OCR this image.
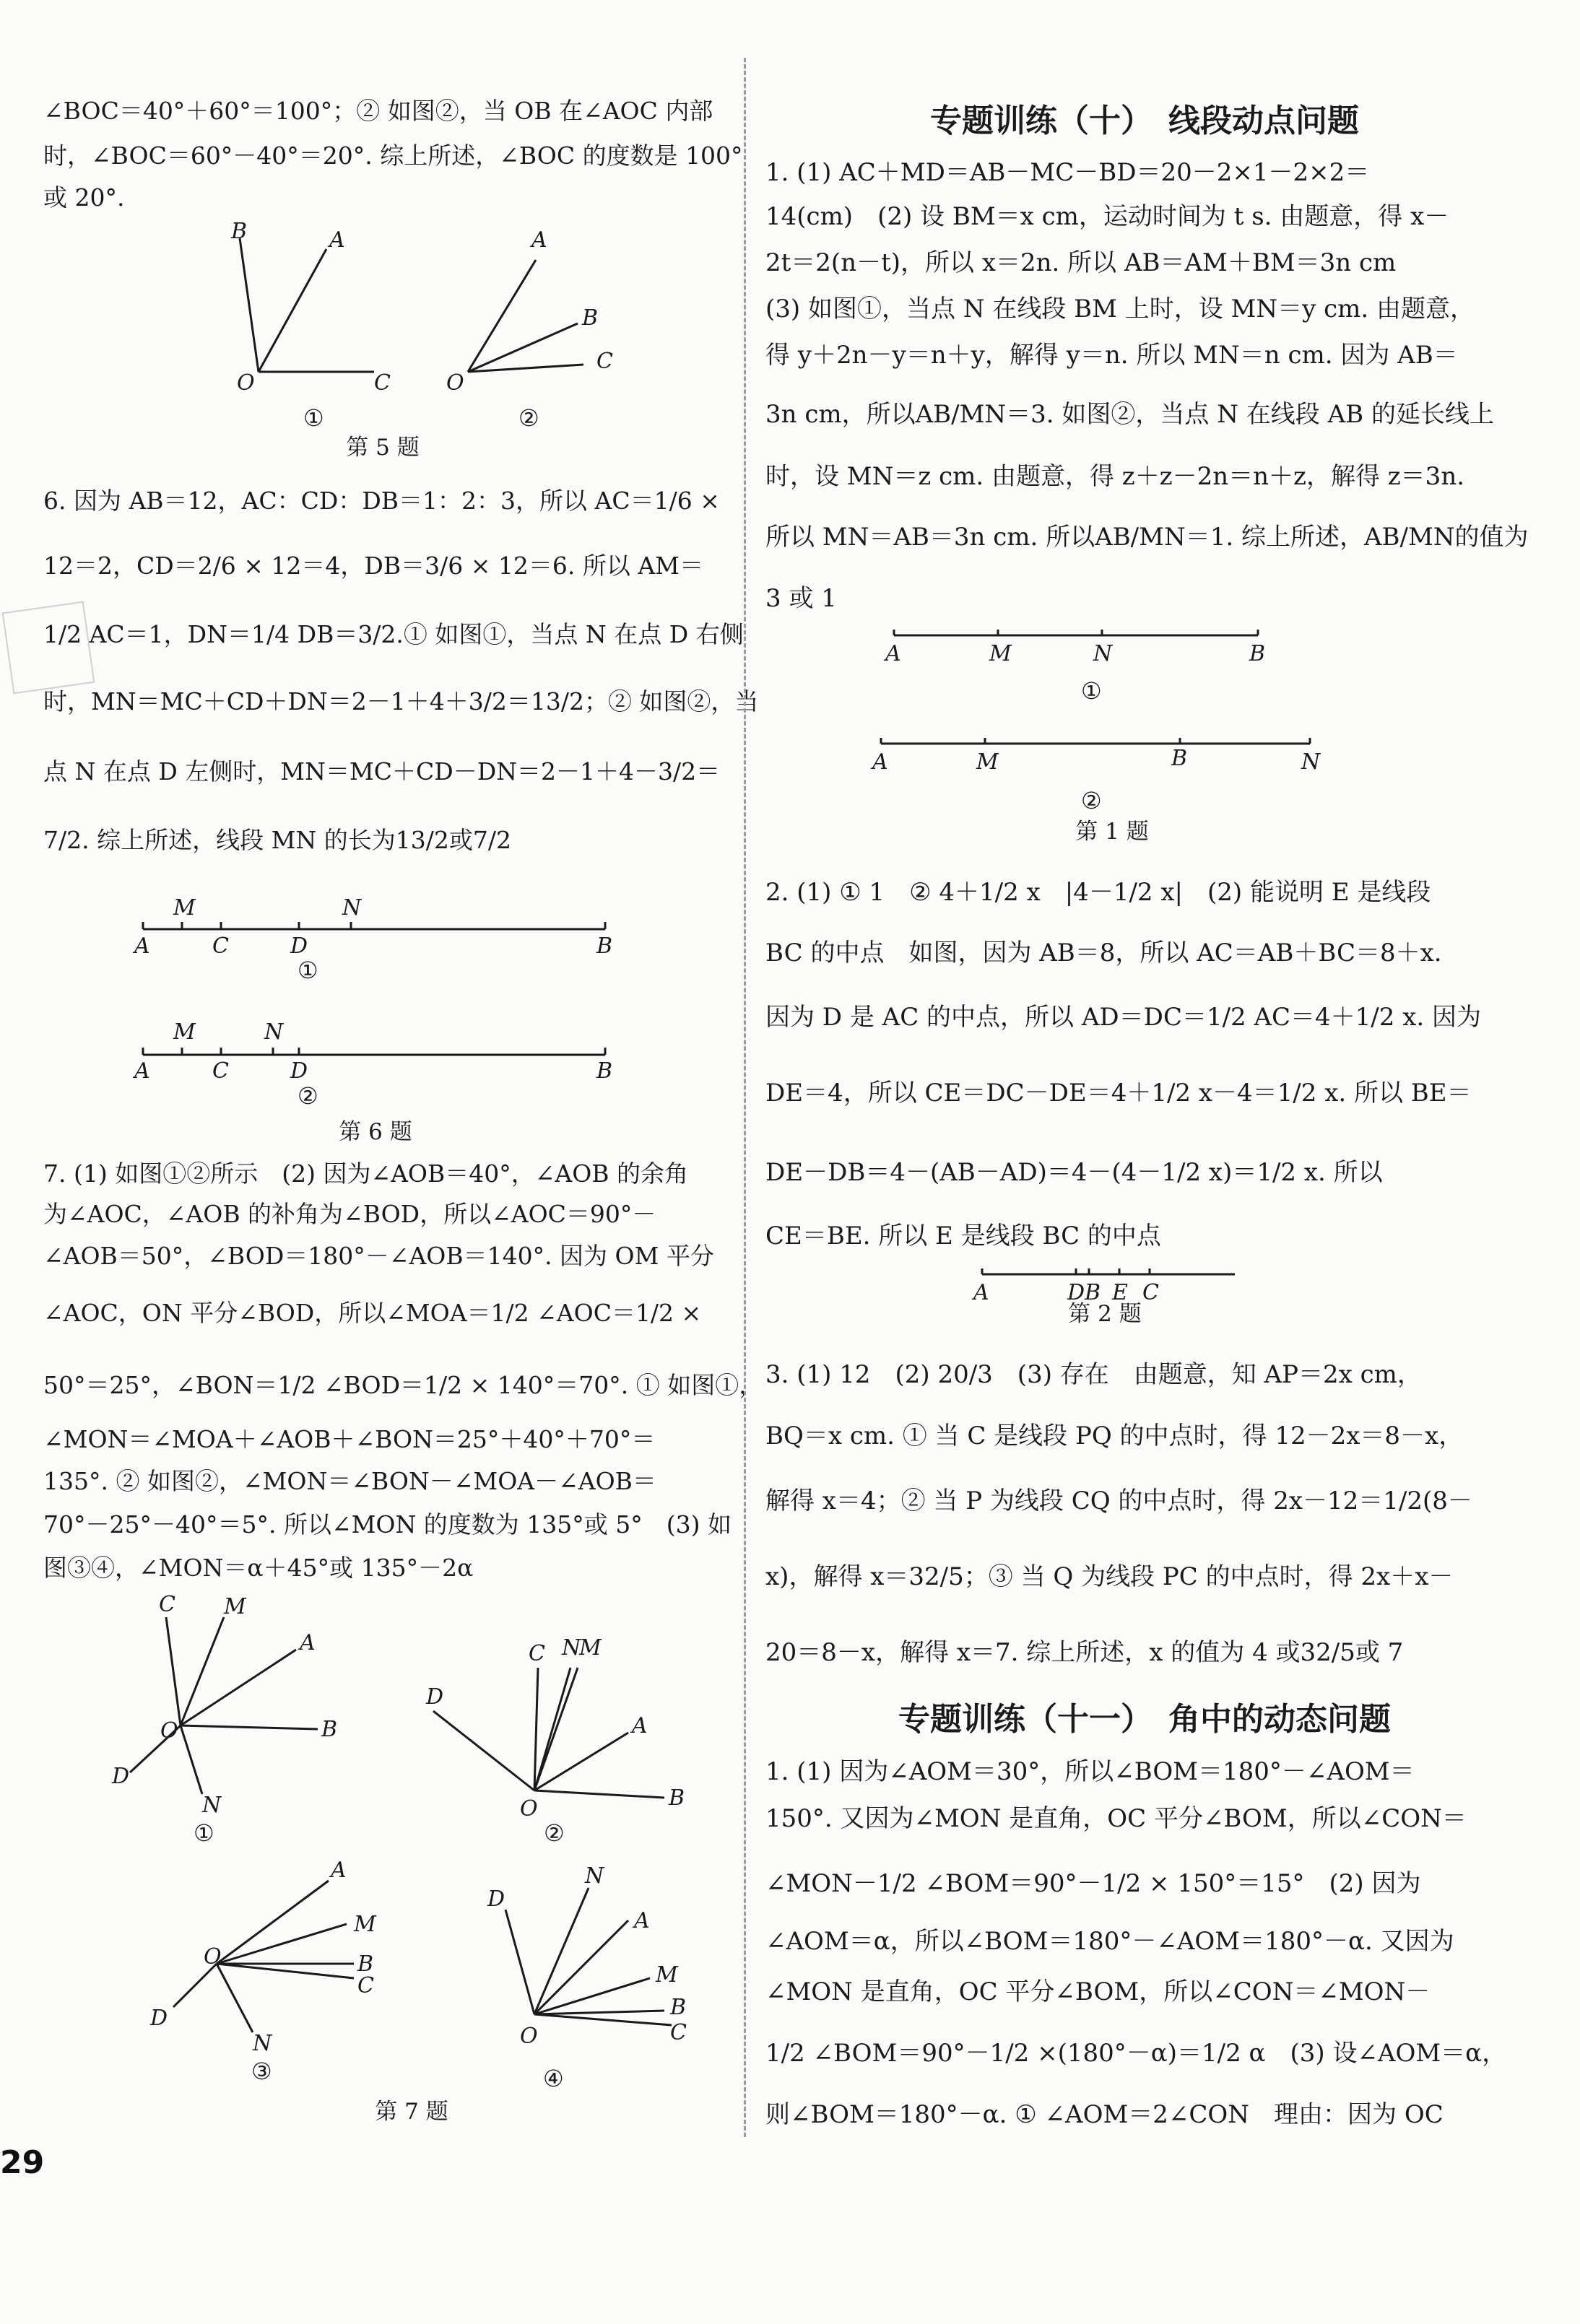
∠BOC＝40°＋60°＝100°；② 如图②，当 OB 在∠AOC 内部
时，∠BOC＝60°－40°＝20°. 综上所述，∠BOC 的度数是 100°
或 20°.
B	A
O	C
①
A
B
O
C
②
第 5 题
6. 因为 AB＝12，AC：CD：DB＝1：2：3，所以 AC＝1/6 ×
12＝2，CD＝2/6 × 12＝4，DB＝3/6 × 12＝6. 所以 AM＝
1/2 AC＝1，DN＝1/4 DB＝3/2.① 如图①，当点 N 在点 D 右侧
时，MN＝MC＋CD＋DN＝2－1＋4＋3/2＝13/2；② 如图②，当
点 N 在点 D 左侧时，MN＝MC＋CD－DN＝2－1＋4－3/2＝
7/2. 综上所述，线段 MN 的长为13/2或7/2
A
M
C
N
D	B
①
A
M
C
N
D	B
②
第 6 题
7. (1) 如图①②所示　(2) 因为∠AOB＝40°，∠AOB 的余角
为∠AOC，∠AOB 的补角为∠BOD，所以∠AOC＝90°－
∠AOB＝50°，∠BOD＝180°－∠AOB＝140°. 因为 OM 平分
∠AOC，ON 平分∠BOD，所以∠MOA＝1/2 ∠AOC＝1/2 ×
50°＝25°，∠BON＝1/2 ∠BOD＝1/2 × 140°＝70°. ① 如图①，
∠MON＝∠MOA＋∠AOB＋∠BON＝25°＋40°＋70°＝
135°. ② 如图②，∠MON＝∠BON－∠MOA－∠AOB＝
70°－25°－40°＝5°. 所以∠MON 的度数为 135°或 5°　(3) 如
图③④，∠MON＝α＋45°或 135°－2α
C M
A
O	B
D
N
①
C N
M
D
A
O	B
②
A
M
O	B
C
D
N
③
N
D
A
M
B
O	C
④
第 7 题
29
专题训练（十）　线段动点问题
1. (1) AC＋MD＝AB－MC－BD＝20－2×1－2×2＝
14(cm)　(2) 设 BM＝x cm，运动时间为 t s. 由题意，得 x－
2t＝2(n－t)，所以 x＝2n. 所以 AB＝AM＋BM＝3n cm
(3) 如图①，当点 N 在线段 BM 上时，设 MN＝y cm. 由题意，
得 y＋2n－y＝n＋y，解得 y＝n. 所以 MN＝n cm. 因为 AB＝
3n cm，所以AB/MN＝3. 如图②，当点 N 在线段 AB 的延长线上
时，设 MN＝z cm. 由题意，得 z＋z－2n＝n＋z，解得 z＝3n.
所以 MN＝AB＝3n cm. 所以AB/MN＝1. 综上所述，AB/MN的值为
3 或 1
A	M	N	B
①
A	M	B	N
②
第 1 题
2. (1) ① 1　② 4＋1/2 x　|4－1/2 x|　(2) 能说明 E 是线段
BC 的中点　如图，因为 AB＝8，所以 AC＝AB＋BC＝8＋x.
因为 D 是 AC 的中点，所以 AD＝DC＝1/2 AC＝4＋1/2 x. 因为
DE＝4，所以 CE＝DC－DE＝4＋1/2 x－4＝1/2 x. 所以 BE＝
DE－DB＝4－(AB－AD)＝4－(4－1/2 x)＝1/2 x. 所以
CE＝BE. 所以 E 是线段 BC 的中点
A	D B E C
第 2 题
3. (1) 12　(2) 20/3　(3) 存在　由题意，知 AP＝2x cm，
BQ＝x cm. ① 当 C 是线段 PQ 的中点时，得 12－2x＝8－x，
解得 x＝4；② 当 P 为线段 CQ 的中点时，得 2x－12＝1/2(8－
x)，解得 x＝32/5；③ 当 Q 为线段 PC 的中点时，得 2x＋x－
20＝8－x，解得 x＝7. 综上所述，x 的值为 4 或32/5或 7
专题训练（十一）　角中的动态问题
1. (1) 因为∠AOM＝30°，所以∠BOM＝180°－∠AOM＝
150°. 又因为∠MON 是直角，OC 平分∠BOM，所以∠CON＝
∠MON－1/2 ∠BOM＝90°－1/2 × 150°＝15°　(2) 因为
∠AOM＝α，所以∠BOM＝180°－∠AOM＝180°－α. 又因为
∠MON 是直角，OC 平分∠BOM，所以∠CON＝∠MON－
1/2 ∠BOM＝90°－1/2 ×(180°－α)＝1/2 α　(3) 设∠AOM＝α，
则∠BOM＝180°－α. ① ∠AOM＝2∠CON　理由：因为 OC
